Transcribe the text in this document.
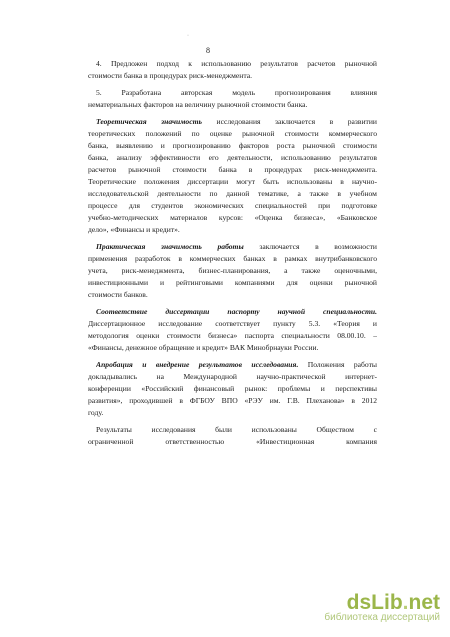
·
8
4. Предложен подход к использованию результатов расчетов рыночной
стоимости банка в процедурах риск-менеджмента.
5. Разработана авторская модель прогнозирования влияния
нематериальных факторов на величину рыночной стоимости банка.
Теоретическая значимость исследования заключается в развитии
теоретических положений по оценке рыночной стоимости коммерческого
банка, выявлению и прогнозированию факторов роста рыночной стоимости
банка, анализу эффективности его деятельности, использованию результатов
расчетов рыночной стоимости банка в процедурах риск-менеджмента.
Теоретические положения диссертации могут быть использованы в научно-
исследовательской деятельности по данной тематике, а также в учебном
процессе для студентов экономических специальностей при подготовке
учебно-методических материалов курсов: «Оценка бизнеса», «Банковское
дело», «Финансы и кредит».
Практическая значимость работы заключается в возможности
применения разработок в коммерческих банках в рамках внутрибанковского
учета, риск-менеджмента, бизнес-планирования, а также оценочными,
инвестиционными и рейтинговыми компаниями для оценки рыночной
стоимости банков.
Соответствие диссертации паспорту научной специальности.
Диссертационное исследование соответствует пункту 5.3. «Теория и
методология оценки стоимости бизнеса» паспорта специальности 08.00.10. –
«Финансы, денежное обращение и кредит» ВАК Минобрнауки России.
Апробация и внедрение результатов исследования. Положения работы
докладывались на Международной научно-практической интернет-
конференции «Российский финансовый рынок: проблемы и перспективы
развития», проходившей в ФГБОУ ВПО «РЭУ им. Г.В. Плеханова» в 2012
году.
Результаты исследования были использованы Обществом с
ограниченной ответственностью «Инвестиционная компания
dsLib.net
библиотека диссертаций
